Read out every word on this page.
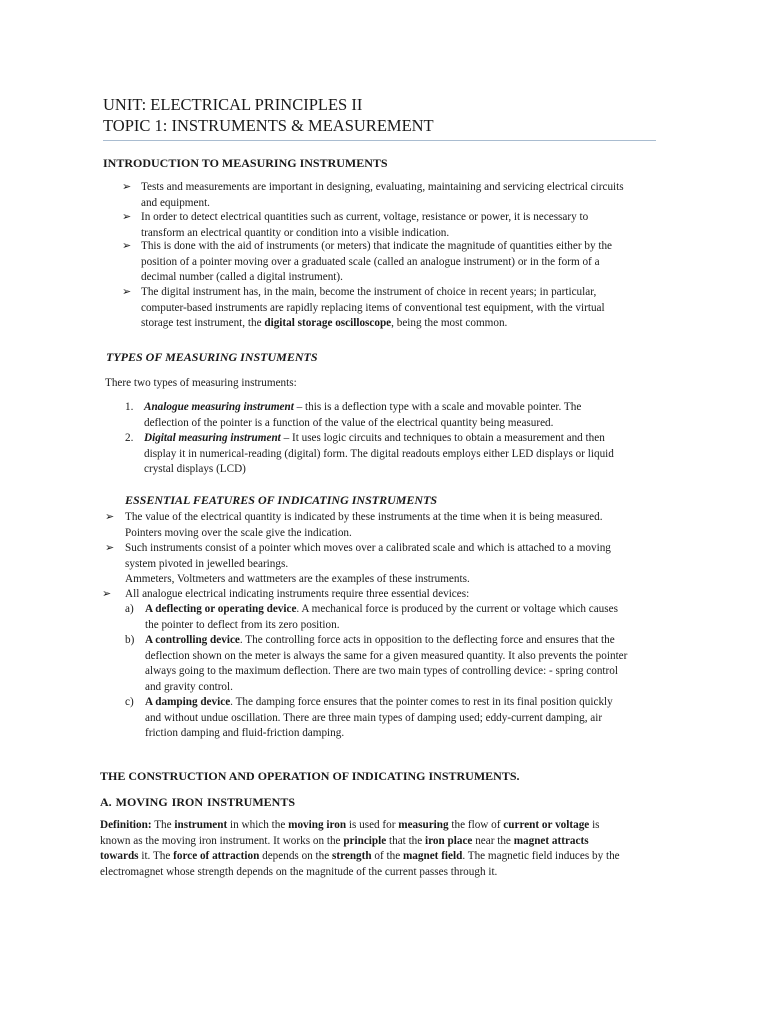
UNIT: ELECTRICAL PRINCIPLES II
TOPIC 1: INSTRUMENTS & MEASUREMENT
INTRODUCTION TO MEASURING INSTRUMENTS
➢ Tests and measurements are important in designing, evaluating, maintaining and servicing electrical circuits
and equipment.
➢ In order to detect electrical quantities such as current, voltage, resistance or power, it is necessary to
transform an electrical quantity or condition into a visible indication.
➢ This is done with the aid of instruments (or meters) that indicate the magnitude of quantities either by the
position of a pointer moving over a graduated scale (called an analogue instrument) or in the form of a
decimal number (called a digital instrument).
➢ The digital instrument has, in the main, become the instrument of choice in recent years; in particular,
computer-based instruments are rapidly replacing items of conventional test equipment, with the virtual
storage test instrument, the digital storage oscilloscope, being the most common.
TYPES OF MEASURING INSTUMENTS
There two types of measuring instruments:
1. Analogue measuring instrument – this is a deflection type with a scale and movable pointer. The
deflection of the pointer is a function of the value of the electrical quantity being measured.
2. Digital measuring instrument – It uses logic circuits and techniques to obtain a measurement and then
display it in numerical-reading (digital) form. The digital readouts employs either LED displays or liquid
crystal displays (LCD)
ESSENTIAL FEATURES OF INDICATING INSTRUMENTS
➢ The value of the electrical quantity is indicated by these instruments at the time when it is being measured.
Pointers moving over the scale give the indication.
➢ Such instruments consist of a pointer which moves over a calibrated scale and which is attached to a moving
system pivoted in jewelled bearings.
Ammeters, Voltmeters and wattmeters are the examples of these instruments.
➢ All analogue electrical indicating instruments require three essential devices:
a) A deflecting or operating device. A mechanical force is produced by the current or voltage which causes
the pointer to deflect from its zero position.
b) A controlling device. The controlling force acts in opposition to the deflecting force and ensures that the
deflection shown on the meter is always the same for a given measured quantity. It also prevents the pointer
always going to the maximum deflection. There are two main types of controlling device: - spring control
and gravity control.
c) A damping device. The damping force ensures that the pointer comes to rest in its final position quickly
and without undue oscillation. There are three main types of damping used; eddy-current damping, air
friction damping and fluid-friction damping.
THE CONSTRUCTION AND OPERATION OF INDICATING INSTRUMENTS.
A. MOVING IRON INSTRUMENTS
Definition: The instrument in which the moving iron is used for measuring the flow of current or voltage is
known as the moving iron instrument. It works on the principle that the iron place near the magnet attracts
towards it. The force of attraction depends on the strength of the magnet field. The magnetic field induces by the
electromagnet whose strength depends on the magnitude of the current passes through it.
